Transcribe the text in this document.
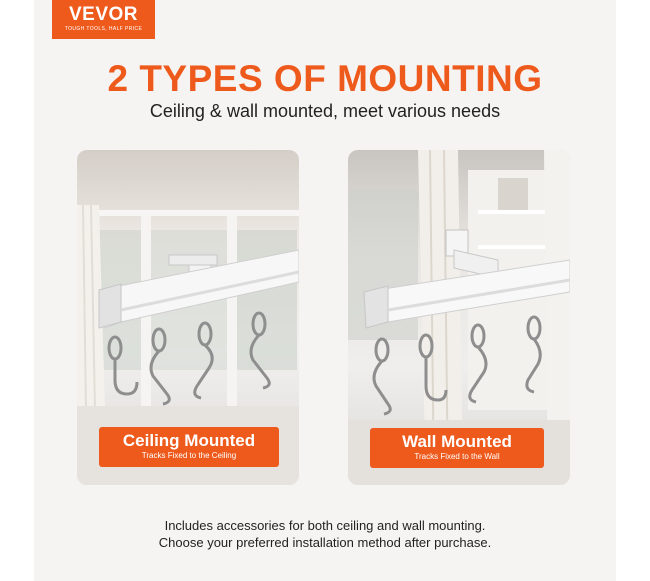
VEVOR
TOUGH TOOLS, HALF PRICE
2 TYPES OF MOUNTING
Ceiling & wall mounted, meet various needs
Ceiling Mounted
Tracks Fixed to the Ceiling
Wall Mounted
Tracks Fixed to the Wall
Includes accessories for both ceiling and wall mounting.
Choose your preferred installation method after purchase.
